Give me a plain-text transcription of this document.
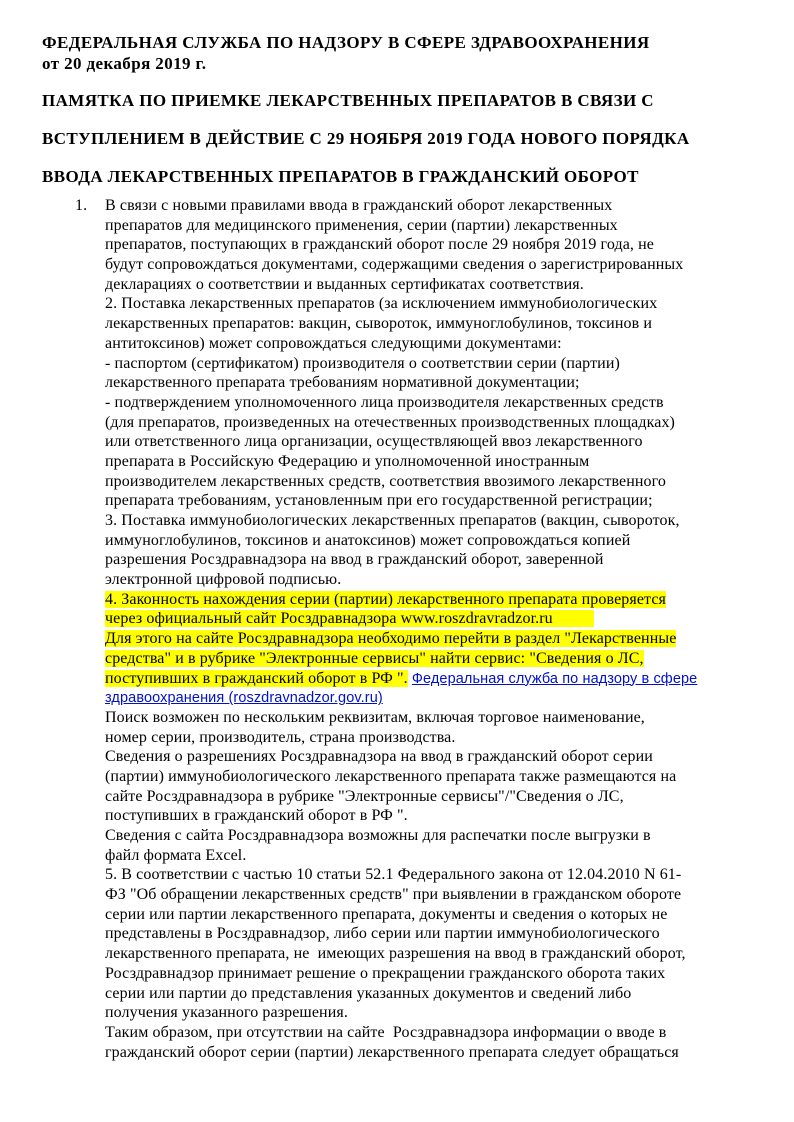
ФЕДЕРАЛЬНАЯ СЛУЖБА ПО НАДЗОРУ В СФЕРЕ ЗДРАВООХРАНЕНИЯ
от 20 декабря 2019 г.
ПАМЯТКА ПО ПРИЕМКЕ ЛЕКАРСТВЕННЫХ ПРЕПАРАТОВ В СВЯЗИ С
ВСТУПЛЕНИЕМ В ДЕЙСТВИЕ С 29 НОЯБРЯ 2019 ГОДА НОВОГО ПОРЯДКА
ВВОДА ЛЕКАРСТВЕННЫХ ПРЕПАРАТОВ В ГРАЖДАНСКИЙ ОБОРОТ
1. В связи с новыми правилами ввода в гражданский оборот лекарственных
препаратов для медицинского применения, серии (партии) лекарственных
препаратов, поступающих в гражданский оборот после 29 ноября 2019 года, не
будут сопровождаться документами, содержащими сведения о зарегистрированных
декларациях о соответствии и выданных сертификатах соответствия.
2. Поставка лекарственных препаратов (за исключением иммунобиологических
лекарственных препаратов: вакцин, сывороток, иммуноглобулинов, токсинов и
антитоксинов) может сопровождаться следующими документами:
- паспортом (сертификатом) производителя о соответствии серии (партии)
лекарственного препарата требованиям нормативной документации;
- подтверждением уполномоченного лица производителя лекарственных средств
(для препаратов, произведенных на отечественных производственных площадках)
или ответственного лица организации, осуществляющей ввоз лекарственного
препарата в Российскую Федерацию и уполномоченной иностранным
производителем лекарственных средств, соответствия ввозимого лекарственного
препарата требованиям, установленным при его государственной регистрации;
3. Поставка иммунобиологических лекарственных препаратов (вакцин, сывороток,
иммуноглобулинов, токсинов и анатоксинов) может сопровождаться копией
разрешения Росздравнадзора на ввод в гражданский оборот, заверенной
электронной цифровой подписью.
4. Законность нахождения серии (партии) лекарственного препарата проверяется
через официальный сайт Росздравнадзора www.roszdravradzor.ru
Для этого на сайте Росздравнадзора необходимо перейти в раздел "Лекарственные
средства" и в рубрике "Электронные сервисы" найти сервис: "Сведения о ЛС,
поступивших в гражданский оборот в РФ ". Федеральная служба по надзору в сфере
здравоохранения (roszdravnadzor.gov.ru)
Поиск возможен по нескольким реквизитам, включая торговое наименование,
номер серии, производитель, страна производства.
Сведения о разрешениях Росздравнадзора на ввод в гражданский оборот серии
(партии) иммунобиологического лекарственного препарата также размещаются на
сайте Росздравнадзора в рубрике "Электронные сервисы"/"Сведения о ЛС,
поступивших в гражданский оборот в РФ ".
Сведения с сайта Росздравнадзора возможны для распечатки после выгрузки в
файл формата Excel.
5. В соответствии с частью 10 статьи 52.1 Федерального закона от 12.04.2010 N 61-
ФЗ "Об обращении лекарственных средств" при выявлении в гражданском обороте
серии или партии лекарственного препарата, документы и сведения о которых не
представлены в Росздравнадзор, либо серии или партии иммунобиологического
лекарственного препарата, не  имеющих разрешения на ввод в гражданский оборот,
Росздравнадзор принимает решение о прекращении гражданского оборота таких
серии или партии до представления указанных документов и сведений либо
получения указанного разрешения.
Таким образом, при отсутствии на сайте  Росздравнадзора информации о вводе в
гражданский оборот серии (партии) лекарственного препарата следует обращаться
